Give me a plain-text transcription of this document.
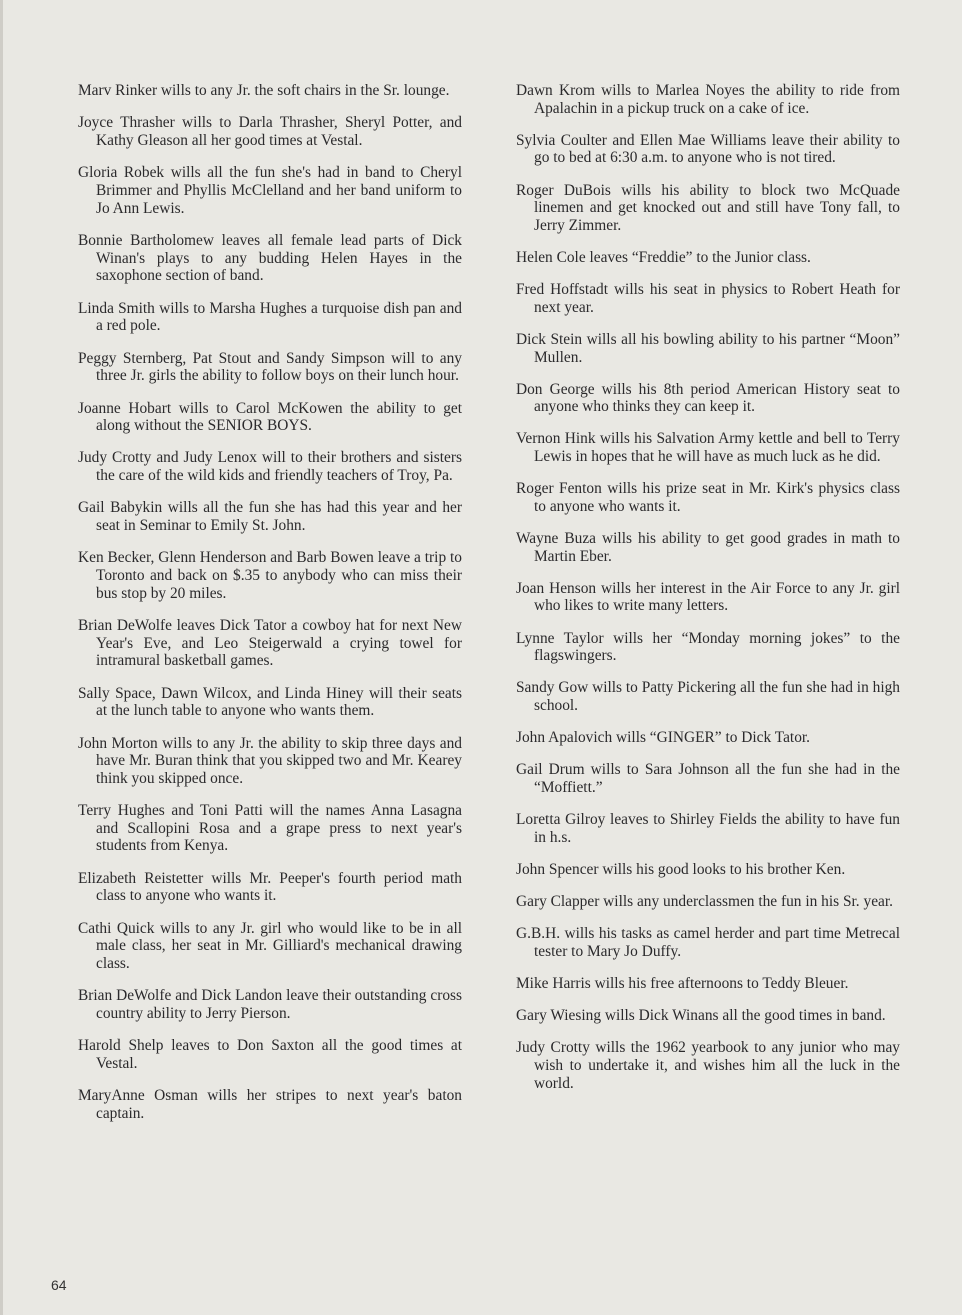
Marv Rinker wills to any Jr. the soft chairs in the Sr. lounge.

Joyce Thrasher wills to Darla Thrasher, Sheryl Potter, and Kathy Gleason all her good times at Vestal.

Gloria Robek wills all the fun she's had in band to Cheryl Brimmer and Phyllis McClelland and her band uniform to Jo Ann Lewis.

Bonnie Bartholomew leaves all female lead parts of Dick Winan's plays to any budding Helen Hayes in the saxophone section of band.

Linda Smith wills to Marsha Hughes a turquoise dish pan and a red pole.

Peggy Sternberg, Pat Stout and Sandy Simpson will to any three Jr. girls the ability to follow boys on their lunch hour.

Joanne Hobart wills to Carol McKowen the ability to get along without the SENIOR BOYS.

Judy Crotty and Judy Lenox will to their brothers and sisters the care of the wild kids and friendly teachers of Troy, Pa.

Gail Babykin wills all the fun she has had this year and her seat in Seminar to Emily St. John.

Ken Becker, Glenn Henderson and Barb Bowen leave a trip to Toronto and back on $.35 to anybody who can miss their bus stop by 20 miles.

Brian DeWolfe leaves Dick Tator a cowboy hat for next New Year's Eve, and Leo Steigerwald a crying towel for intramural basketball games.

Sally Space, Dawn Wilcox, and Linda Hiney will their seats at the lunch table to anyone who wants them.

John Morton wills to any Jr. the ability to skip three days and have Mr. Buran think that you skipped two and Mr. Kearey think you skipped once.

Terry Hughes and Toni Patti will the names Anna Lasagna and Scallopini Rosa and a grape press to next year's students from Kenya.

Elizabeth Reistetter wills Mr. Peeper's fourth period math class to anyone who wants it.

Cathi Quick wills to any Jr. girl who would like to be in all male class, her seat in Mr. Gilliard's mechanical drawing class.

Brian DeWolfe and Dick Landon leave their outstanding cross country ability to Jerry Pierson.

Harold Shelp leaves to Don Saxton all the good times at Vestal.

MaryAnne Osman wills her stripes to next year's baton captain.

Dawn Krom wills to Marlea Noyes the ability to ride from Apalachin in a pickup truck on a cake of ice.

Sylvia Coulter and Ellen Mae Williams leave their ability to go to bed at 6:30 a.m. to anyone who is not tired.

Roger DuBois wills his ability to block two McQuade linemen and get knocked out and still have Tony fall, to Jerry Zimmer.

Helen Cole leaves “Freddie” to the Junior class.

Fred Hoffstadt wills his seat in physics to Robert Heath for next year.

Dick Stein wills all his bowling ability to his partner “Moon” Mullen.

Don George wills his 8th period American History seat to anyone who thinks they can keep it.

Vernon Hink wills his Salvation Army kettle and bell to Terry Lewis in hopes that he will have as much luck as he did.

Roger Fenton wills his prize seat in Mr. Kirk's physics class to anyone who wants it.

Wayne Buza wills his ability to get good grades in math to Martin Eber.

Joan Henson wills her interest in the Air Force to any Jr. girl who likes to write many letters.

Lynne Taylor wills her “Monday morning jokes” to the flagswingers.

Sandy Gow wills to Patty Pickering all the fun she had in high school.

John Apalovich wills “GINGER” to Dick Tator.

Gail Drum wills to Sara Johnson all the fun she had in the “Moffiett.”

Loretta Gilroy leaves to Shirley Fields the ability to have fun in h.s.

John Spencer wills his good looks to his brother Ken.

Gary Clapper wills any underclassmen the fun in his Sr. year.

G.B.H. wills his tasks as camel herder and part time Metrecal tester to Mary Jo Duffy.

Mike Harris wills his free afternoons to Teddy Bleuer.

Gary Wiesing wills Dick Winans all the good times in band.

Judy Crotty wills the 1962 yearbook to any junior who may wish to undertake it, and wishes him all the luck in the world.

64
